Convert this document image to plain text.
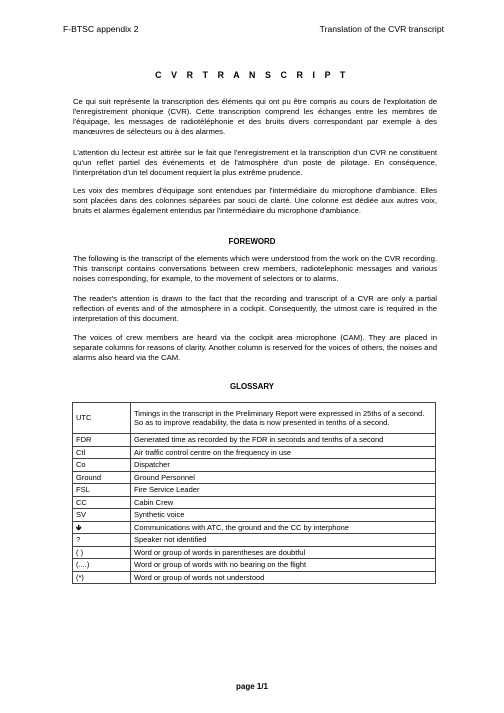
F-BTSC appendix 2	Translation of the CVR transcript
C V R T R A N S C R I P T

Ce qui suit représente la transcription des éléments qui ont pu être compris au cours de l'exploitation de l'enregistrement phonique (CVR). Cette transcription comprend les échanges entre les membres de l'équipage, les messages de radiotéléphonie et des bruits divers correspondant par exemple à des manœuvres de sélecteurs ou à des alarmes.

L'attention du lecteur est attirée sur le fait que l'enregistrement et la transcription d'un CVR ne constituent qu'un reflet partiel des événements et de l'atmosphère d'un poste de pilotage. En conséquence, l'interprétation d'un tel document requiert la plus extrême prudence.

Les voix des membres d'équipage sont entendues par l'intermédiaire du microphone d'ambiance. Elles sont placées dans des colonnes séparées par souci de clarté. Une colonne est dédiée aux autres voix, bruits et alarmes également entendus par l'intermédiaire du microphone d'ambiance.

FOREWORD

The following is the transcript of the elements which were understood from the work on the CVR recording. This transcript contains conversations between crew members, radiotelephonic messages and various noises corresponding, for example, to the movement of selectors or to alarms.

The reader's attention is drawn to the fact that the recording and transcript of a CVR are only a partial reflection of events and of the atmosphere in a cockpit. Consequently, the utmost care is required in the interpretation of this document.

The voices of crew members are heard via the cockpit area microphone (CAM). They are placed in separate columns for reasons of clarity. Another column is reserved for the voices of others, the noises and alarms also heard via the CAM.

GLOSSARY
UTC	Timings in the transcript in the Preliminary Report were expressed in 25ths of a second. So as to improve readability, the data is now presented in tenths of a second.
FDR	Generated time as recorded by the FDR in seconds and tenths of a second
Ctl	Air traffic control centre on the frequency in use
Co	Dispatcher
Ground	Ground Personnel
FSL	Fire Service Leader
CC	Cabin Crew
SV	Synthetic voice
🡻	Communications with ATC, the ground and the CC by interphone
?	Speaker not identified
( )	Word or group of words in parentheses are doubtful
(....)	Word or group of words with no bearing on the flight
(*)	Word or group of words not understood
page 1/1
